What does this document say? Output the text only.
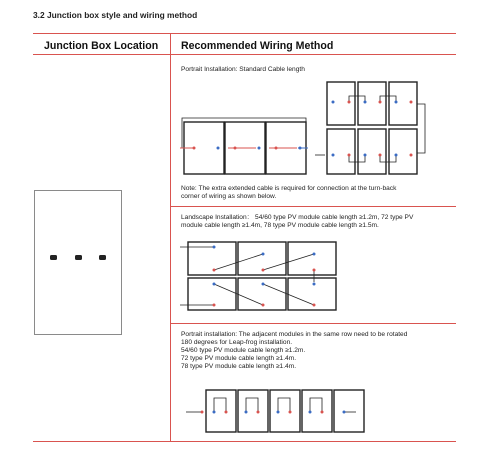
3.2 Junction box style and wiring method
Junction Box Location Recommended Wiring Method
Portrait Installation: Standard Cable length
Note: The extra extended cable is required for connection at the turn-back
corner of wiring as shown below.
Landscape Installation： 54/60 type PV module cable length ≥1.2m, 72 type PV
module cable length ≥1.4m, 78 type PV module cable length ≥1.5m.
Portrait installation: The adjacent modules in the same row need to be rotated
180 degrees for Leap-frog installation.
54/60 type PV module cable length ≥1.2m.
72 type PV module cable length ≥1.4m.
78 type PV module cable length ≥1.4m.
